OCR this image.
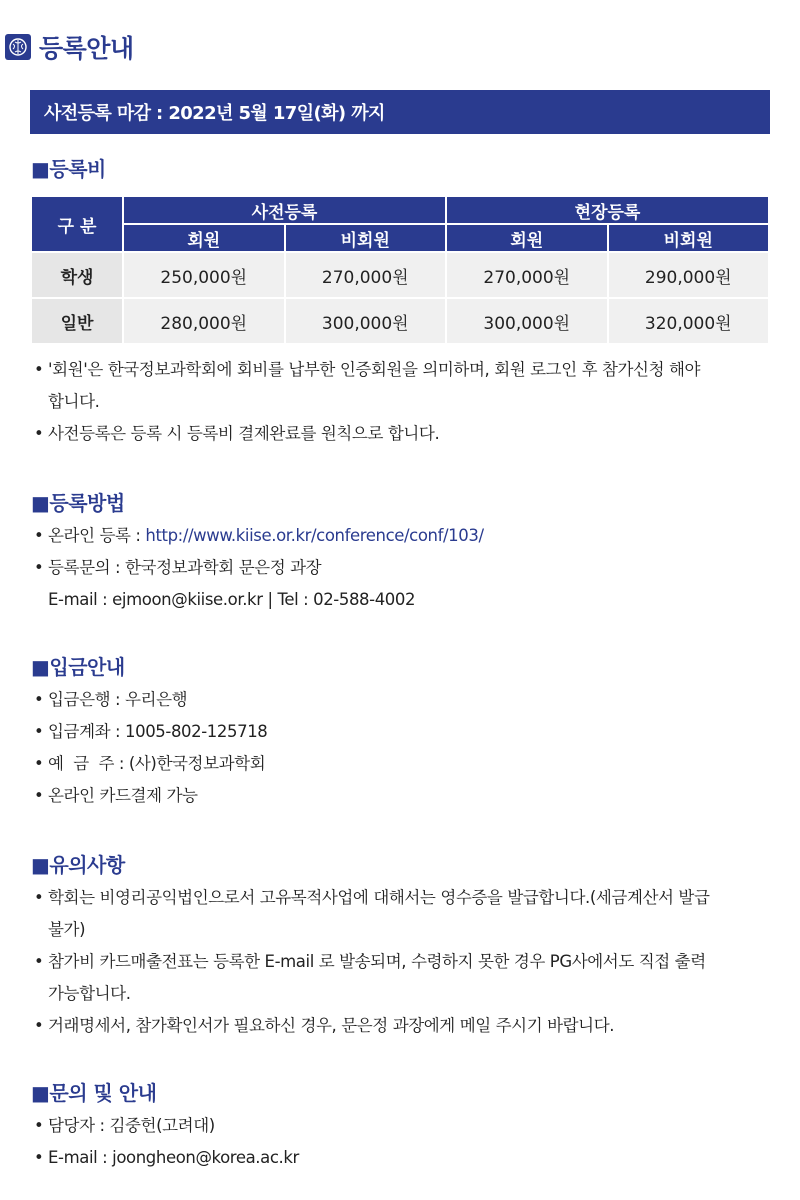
등록안내
사전등록 마감 : 2022년 5월 17일(화) 까지
■등록비
구 분	사전등록		현장등록	
	회원	비회원	회원	비회원
학생	250,000원	270,000원	270,000원	290,000원
일반	280,000원	300,000원	300,000원	320,000원
• '회원'은 한국정보과학회에 회비를 납부한 인증회원을 의미하며, 회원 로그인 후 참가신청 해야
합니다.
• 사전등록은 등록 시 등록비 결제완료를 원칙으로 합니다.
■등록방법
• 온라인 등록 : http://www.kiise.or.kr/conference/conf/103/
• 등록문의 : 한국정보과학회 문은정 과장
E-mail : ejmoon@kiise.or.kr | Tel : 02-588-4002
■입금안내
• 입금은행 : 우리은행
• 입금계좌 : 1005-802-125718
• 예  금  주 : (사)한국정보과학회
• 온라인 카드결제 가능
■유의사항
• 학회는 비영리공익법인으로서 고유목적사업에 대해서는 영수증을 발급합니다.(세금계산서 발급
불가)
• 참가비 카드매출전표는 등록한 E-mail 로 발송되며, 수령하지 못한 경우 PG사에서도 직접 출력
가능합니다.
• 거래명세서, 참가확인서가 필요하신 경우, 문은정 과장에게 메일 주시기 바랍니다.
■문의 및 안내
• 담당자 : 김중헌(고려대)
• E-mail : joongheon@korea.ac.kr
